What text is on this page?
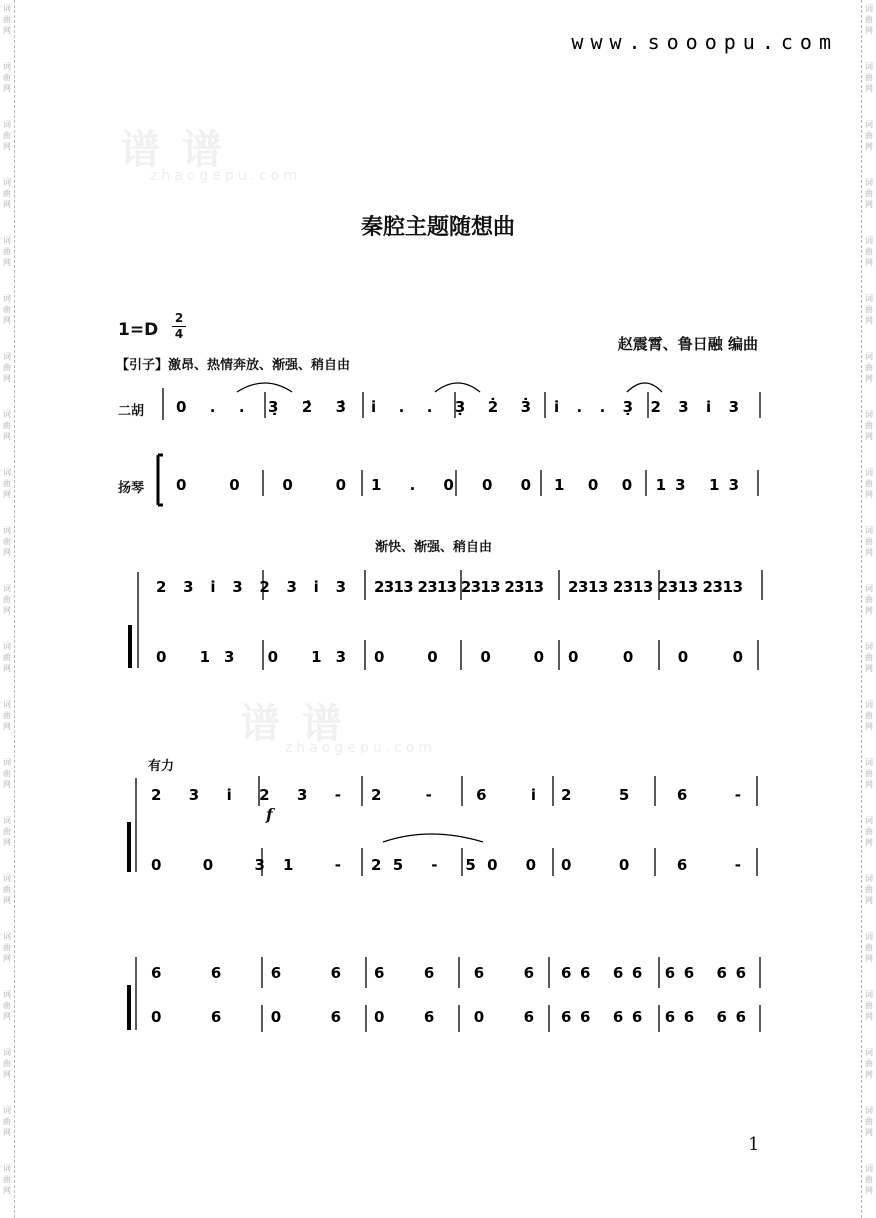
词
曲
网
词
曲
网
词
曲
网
词
曲
网
词
曲
网
词
曲
网
词
曲
网
词
曲
网
词
曲
网
词
曲
网
词
曲
网
词
曲
网
词
曲
网
词
曲
网
词
曲
网
词
曲
网
词
曲
网
词
曲
网
词
曲
网
词
曲
网
词
曲
网
词
曲
网
词
曲
网
词
曲
网
词
曲
网
词
曲
网
词
曲
网
词
曲
网
词
曲
网
词
曲
网
词
曲
网
词
曲
网
词
曲
网
词
曲
网
词
曲
网
词
曲
网
词
曲
网
词
曲
网
词
曲
网
词
曲
网
词
曲
网
词
曲
网
www.sooopu.com
谱 谱
zhaogepu.com
谱 谱
zhaogepu.com
秦腔主题随想曲
1=D
2
4
赵震霄、鲁日融 编曲
【引子】激昂、热情奔放、渐强、稍自由
二胡
扬琴
渐快、渐强、稍自由
有力
f
0 . . 3̣ 2̇ 3̇ i̇ . . 3̣ 2̇ 3̇ i̇ . . 3̣ 2 3 i 3
0 0 0 0 1 . 0 0 0 1 0 0 13 13
2 3 i 3 2 3 i 3 2313 2313 2313 2313 2313 2313 2313 2313
0 13 0 13 0 0 0 0 0 0 0 0
2 3 i 2 3 - 2 - 6 i 2 5 6 -
0 0 31 - 25 - 50 0 0 0 6 -
6 6 6 6 6 6 6 6 66 66 66 66
0 6 0 6 0 6 0 6 66 66 66 66
1
